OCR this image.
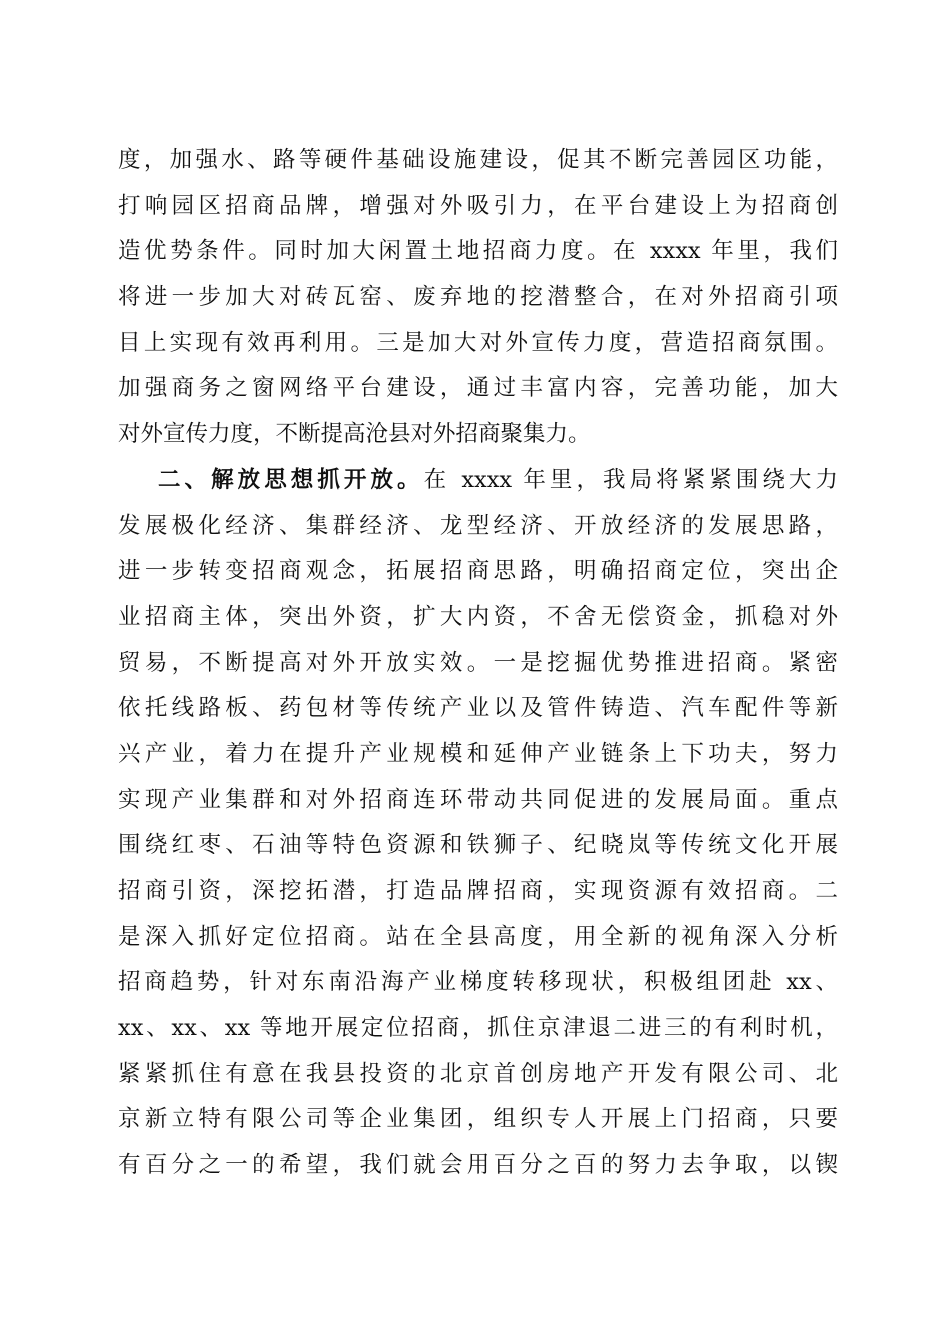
度，加强水、路等硬件基础设施建设，促其不断完善园区功能，
打响园区招商品牌，增强对外吸引力，在平台建设上为招商创
造优势条件。同时加大闲置土地招商力度。在 xxxx 年里，我们
将进一步加大对砖瓦窑、废弃地的挖潜整合，在对外招商引项
目上实现有效再利用。三是加大对外宣传力度，营造招商氛围。
加强商务之窗网络平台建设，通过丰富内容，完善功能，加大
对外宣传力度，不断提高沧县对外招商聚集力。
二、解放思想抓开放。在 xxxx 年里，我局将紧紧围绕大力
发展极化经济、集群经济、龙型经济、开放经济的发展思路，
进一步转变招商观念，拓展招商思路，明确招商定位，突出企
业招商主体，突出外资，扩大内资，不舍无偿资金，抓稳对外
贸易，不断提高对外开放实效。一是挖掘优势推进招商。紧密
依托线路板、药包材等传统产业以及管件铸造、汽车配件等新
兴产业，着力在提升产业规模和延伸产业链条上下功夫，努力
实现产业集群和对外招商连环带动共同促进的发展局面。重点
围绕红枣、石油等特色资源和铁狮子、纪晓岚等传统文化开展
招商引资，深挖拓潜，打造品牌招商，实现资源有效招商。二
是深入抓好定位招商。站在全县高度，用全新的视角深入分析
招商趋势，针对东南沿海产业梯度转移现状，积极组团赴 xx、
xx、xx、xx 等地开展定位招商，抓住京津退二进三的有利时机，
紧紧抓住有意在我县投资的北京首创房地产开发有限公司、北
京新立特有限公司等企业集团，组织专人开展上门招商，只要
有百分之一的希望，我们就会用百分之百的努力去争取，以锲
